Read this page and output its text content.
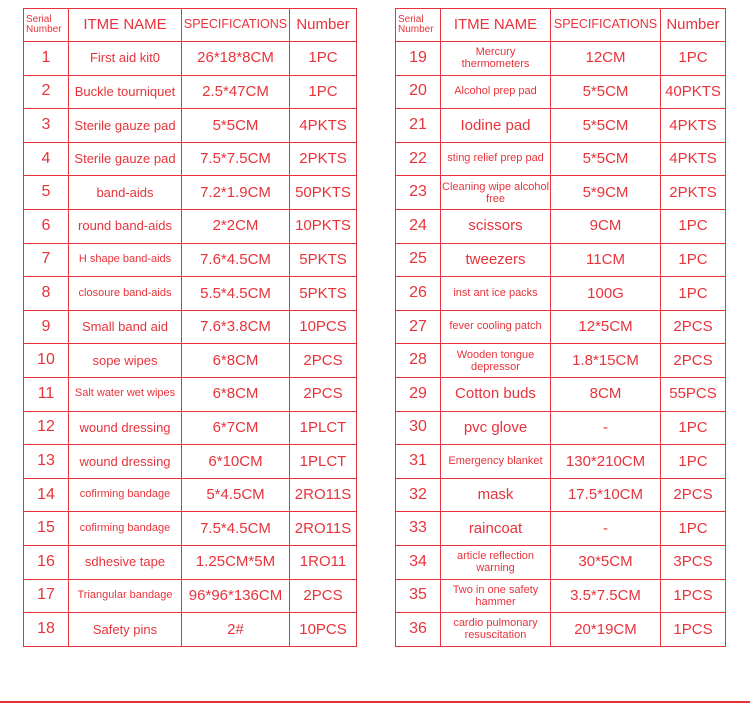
Serial Number	ITME NAME	SPECIFICATIONS	Number
1	First aid kit0	26*18*8CM	1PC
2	Buckle tourniquet	2.5*47CM	1PC
3	Sterile gauze pad	5*5CM	4PKTS
4	Sterile gauze pad	7.5*7.5CM	2PKTS
5	band-aids	7.2*1.9CM	50PKTS
6	round band-aids	2*2CM	10PKTS
7	H shape band-aids	7.6*4.5CM	5PKTS
8	closoure band-aids	5.5*4.5CM	5PKTS
9	Small band aid	7.6*3.8CM	10PCS
10	sope wipes	6*8CM	2PCS
11	Salt water wet wipes	6*8CM	2PCS
12	wound dressing	6*7CM	1PLCT
13	wound dressing	6*10CM	1PLCT
14	cofirming bandage	5*4.5CM	2RO11S
15	cofirming bandage	7.5*4.5CM	2RO11S
16	sdhesive tape	1.25CM*5M	1RO11
17	Triangular bandage	96*96*136CM	2PCS
18	Safety pins	2#	10PCS
Serial Number	ITME NAME	SPECIFICATIONS	Number
19	Mercury thermometers	12CM	1PC
20	Alcohol prep pad	5*5CM	40PKTS
21	Iodine pad	5*5CM	4PKTS
22	sting relief prep pad	5*5CM	4PKTS
23	Cleaning wipe alcohol free	5*9CM	2PKTS
24	scissors	9CM	1PC
25	tweezers	11CM	1PC
26	inst ant ice packs	100G	1PC
27	fever cooling patch	12*5CM	2PCS
28	Wooden tongue depressor	1.8*15CM	2PCS
29	Cotton buds	8CM	55PCS
30	pvc glove	-	1PC
31	Emergency blanket	130*210CM	1PC
32	mask	17.5*10CM	2PCS
33	raincoat	-	1PC
34	article reflection warning	30*5CM	3PCS
35	Two in one safety hammer	3.5*7.5CM	1PCS
36	cardio pulmonary resuscitation	20*19CM	1PCS
